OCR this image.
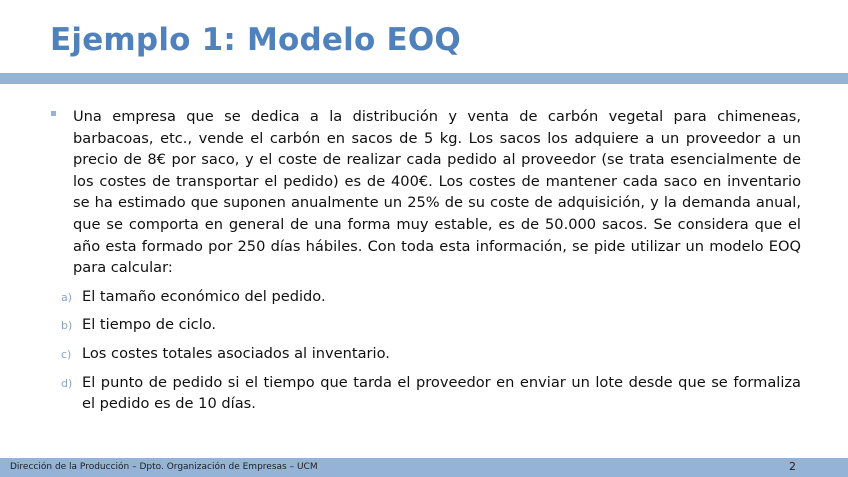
Ejemplo 1: Modelo EOQ

Una empresa que se dedica a la distribución y venta de carbón vegetal para chimeneas, barbacoas, etc., vende el carbón en sacos de 5 kg. Los sacos los adquiere a un proveedor a un precio de 8€ por saco, y el coste de realizar cada pedido al proveedor (se trata esencialmente de los costes de transportar el pedido) es de 400€. Los costes de mantener cada saco en inventario se ha estimado que suponen anualmente un 25% de su coste de adquisición, y la demanda anual, que se comporta en general de una forma muy estable, es de 50.000 sacos. Se considera que el año esta formado por 250 días hábiles. Con toda esta información, se pide utilizar un modelo EOQ para calcular:

a) El tamaño económico del pedido.

b) El tiempo de ciclo.

c) Los costes totales asociados al inventario.

d) El punto de pedido si el tiempo que tarda el proveedor en enviar un lote desde que se formaliza el pedido es de 10 días.

Dirección de la Producción – Dpto. Organización de Empresas – UCM	2
